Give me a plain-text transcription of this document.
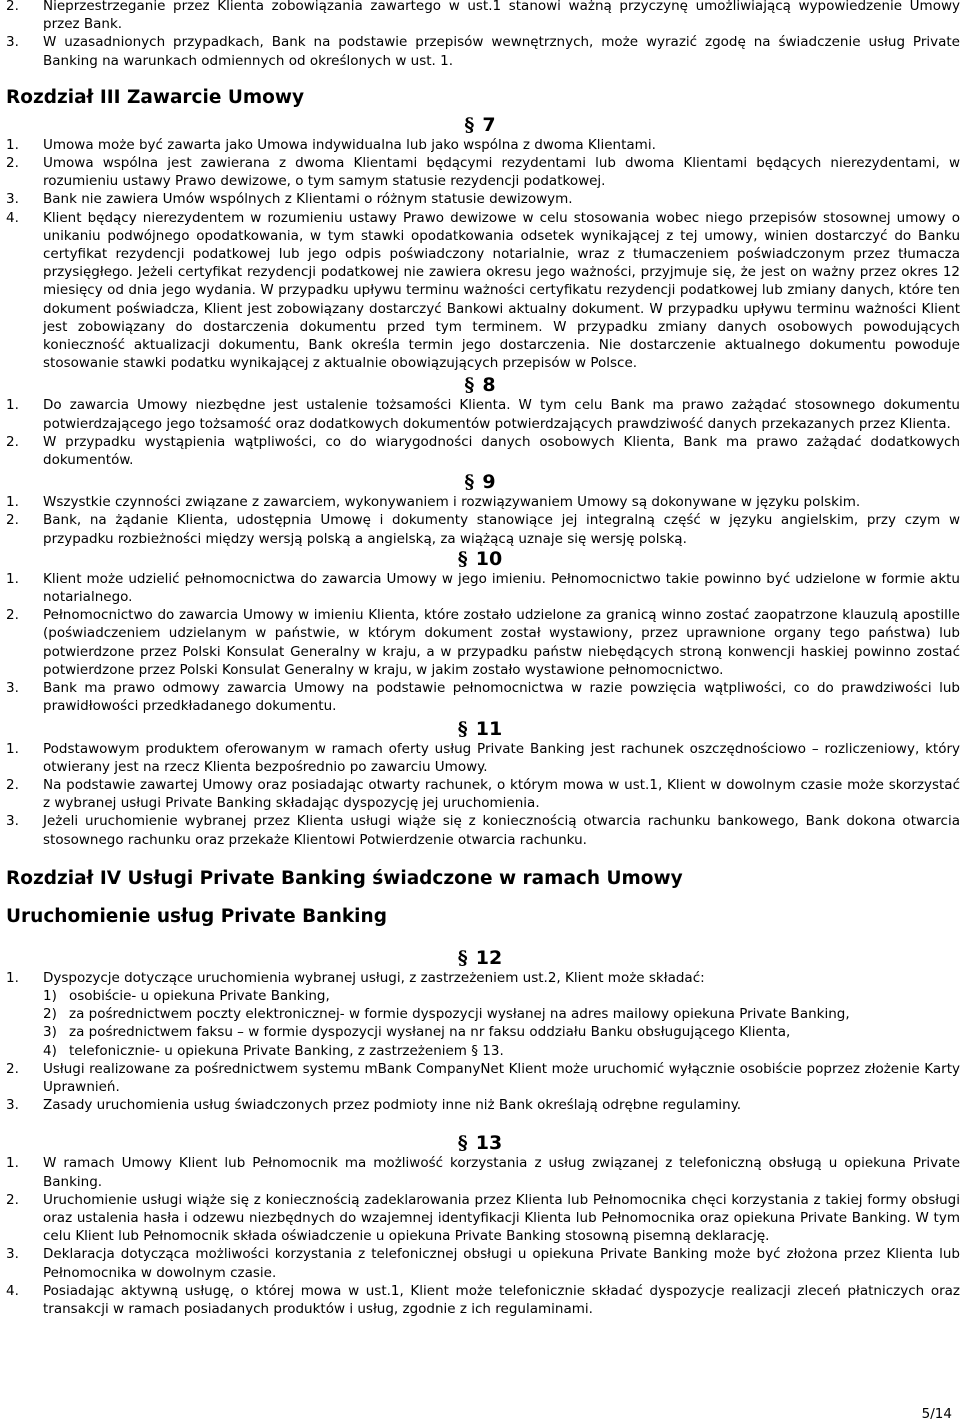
2. Nieprzestrzeganie przez Klienta zobowiązania zawartego w ust.1 stanowi ważną przyczynę umożliwiającą wypowiedzenie Umowy przez Bank.
3. W uzasadnionych przypadkach, Bank na podstawie przepisów wewnętrznych, może wyrazić zgodę na świadczenie usług Private Banking na warunkach odmiennych od określonych w ust. 1.
Rozdział III Zawarcie Umowy
§ 7
1. Umowa może być zawarta jako Umowa indywidualna lub jako wspólna z dwoma Klientami.
2. Umowa wspólna jest zawierana z dwoma Klientami będącymi rezydentami lub dwoma Klientami będących nierezydentami, w rozumieniu ustawy Prawo dewizowe, o tym samym statusie rezydencji podatkowej.
3. Bank nie zawiera Umów wspólnych z Klientami o różnym statusie dewizowym.
4. Klient będący nierezydentem w rozumieniu ustawy Prawo dewizowe w celu stosowania wobec niego przepisów stosownej umowy o unikaniu podwójnego opodatkowania, w tym stawki opodatkowania odsetek wynikającej z tej umowy, winien dostarczyć do Banku certyfikat rezydencji podatkowej lub jego odpis poświadczony notarialnie, wraz z tłumaczeniem poświadczonym przez tłumacza przysięgłego. Jeżeli certyfikat rezydencji podatkowej nie zawiera okresu jego ważności, przyjmuje się, że jest on ważny przez okres 12 miesięcy od dnia jego wydania. W przypadku upływu terminu ważności certyfikatu rezydencji podatkowej lub zmiany danych, które ten dokument poświadcza, Klient jest zobowiązany dostarczyć Bankowi aktualny dokument. W przypadku upływu terminu ważności Klient jest zobowiązany do dostarczenia dokumentu przed tym terminem. W przypadku zmiany danych osobowych powodujących konieczność aktualizacji dokumentu, Bank określa termin jego dostarczenia. Nie dostarczenie aktualnego dokumentu powoduje stosowanie stawki podatku wynikającej z aktualnie obowiązujących przepisów w Polsce.
§ 8
1. Do zawarcia Umowy niezbędne jest ustalenie tożsamości Klienta. W tym celu Bank ma prawo zażądać stosownego dokumentu potwierdzającego jego tożsamość oraz dodatkowych dokumentów potwierdzających prawdziwość danych przekazanych przez Klienta.
2. W przypadku wystąpienia wątpliwości, co do wiarygodności danych osobowych Klienta, Bank ma prawo zażądać dodatkowych dokumentów.
§ 9
1. Wszystkie czynności związane z zawarciem, wykonywaniem i rozwiązywaniem Umowy są dokonywane w języku polskim.
2. Bank, na żądanie Klienta, udostępnia Umowę i dokumenty stanowiące jej integralną część w języku angielskim, przy czym w przypadku rozbieżności między wersją polską a angielską, za wiążącą uznaje się wersję polską.
§ 10
1. Klient może udzielić pełnomocnictwa do zawarcia Umowy w jego imieniu. Pełnomocnictwo takie powinno być udzielone w formie aktu notarialnego.
2. Pełnomocnictwo do zawarcia Umowy w imieniu Klienta, które zostało udzielone za granicą winno zostać zaopatrzone klauzulą apostille (poświadczeniem udzielanym w państwie, w którym dokument został wystawiony, przez uprawnione organy tego państwa) lub potwierdzone przez Polski Konsulat Generalny w kraju, a w przypadku państw niebędących stroną konwencji haskiej powinno zostać potwierdzone przez Polski Konsulat Generalny w kraju, w jakim zostało wystawione pełnomocnictwo.
3. Bank ma prawo odmowy zawarcia Umowy na podstawie pełnomocnictwa w razie powzięcia wątpliwości, co do prawdziwości lub prawidłowości przedkładanego dokumentu.
§ 11
1. Podstawowym produktem oferowanym w ramach oferty usług Private Banking jest rachunek oszczędnościowo – rozliczeniowy, który otwierany jest na rzecz Klienta bezpośrednio po zawarciu Umowy.
2. Na podstawie zawartej Umowy oraz posiadając otwarty rachunek, o którym mowa w ust.1, Klient w dowolnym czasie może skorzystać z wybranej usługi Private Banking składając dyspozycję jej uruchomienia.
3. Jeżeli uruchomienie wybranej przez Klienta usługi wiąże się z koniecznością otwarcia rachunku bankowego, Bank dokona otwarcia stosownego rachunku oraz przekaże Klientowi Potwierdzenie otwarcia rachunku.
Rozdział IV Usługi Private Banking świadczone w ramach Umowy
Uruchomienie usług Private Banking
§ 12
1. Dyspozycje dotyczące uruchomienia wybranej usługi, z zastrzeżeniem ust.2, Klient może składać:
1) osobiście- u opiekuna Private Banking,
2) za pośrednictwem poczty elektronicznej- w formie dyspozycji wysłanej na adres mailowy opiekuna Private Banking,
3) za pośrednictwem faksu – w formie dyspozycji wysłanej na nr faksu oddziału Banku obsługującego Klienta,
4) telefonicznie- u opiekuna Private Banking, z zastrzeżeniem § 13.
2. Usługi realizowane za pośrednictwem systemu mBank CompanyNet Klient może uruchomić wyłącznie osobiście poprzez złożenie Karty Uprawnień.
3. Zasady uruchomienia usług świadczonych przez podmioty inne niż Bank określają odrębne regulaminy.
§ 13
1. W ramach Umowy Klient lub Pełnomocnik ma możliwość korzystania z usług związanej z telefoniczną obsługą u opiekuna Private Banking.
2. Uruchomienie usługi wiąże się z koniecznością zadeklarowania przez Klienta lub Pełnomocnika chęci korzystania z takiej formy obsługi oraz ustalenia hasła i odzewu niezbędnych do wzajemnej identyfikacji Klienta lub Pełnomocnika oraz opiekuna Private Banking. W tym celu Klient lub Pełnomocnik składa oświadczenie u opiekuna Private Banking stosowną pisemną deklarację.
3. Deklaracja dotycząca możliwości korzystania z telefonicznej obsługi u opiekuna Private Banking może być złożona przez Klienta lub Pełnomocnika w dowolnym czasie.
4. Posiadając aktywną usługę, o której mowa w ust.1, Klient może telefonicznie składać dyspozycje realizacji zleceń płatniczych oraz transakcji w ramach posiadanych produktów i usług, zgodnie z ich regulaminami.
5/14
